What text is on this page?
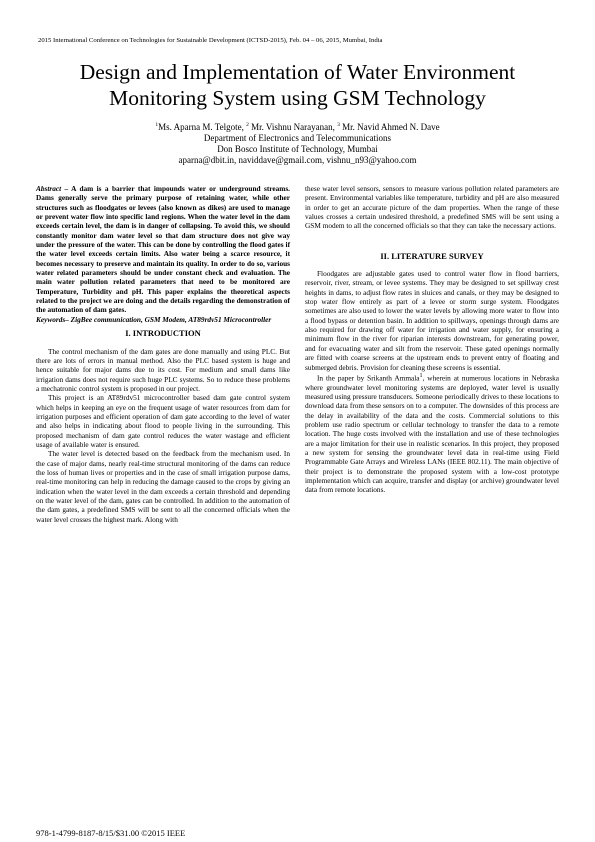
2015 International Conference on Technologies for Sustainable Development (ICTSD-2015), Feb. 04 – 06, 2015, Mumbai, India
Design and Implementation of Water Environment
Monitoring System using GSM Technology
$^1$Ms. Aparna M. Telgote, $^2$ Mr. Vishnu Narayanan, $^3$ Mr. Navid Ahmed N. Dave
Department of Electronics and Telecommunications
Don Bosco Institute of Technology, Mumbai
aparna@dbit.in, naviddave@gmail.com, vishnu_n93@yahoo.com

Abstract – A dam is a barrier that impounds water or underground streams. Dams generally serve the primary purpose of retaining water, while other structures such as floodgates or levees (also known as dikes) are used to manage or prevent water flow into specific land regions. When the water level in the dam exceeds certain level, the dam is in danger of collapsing. To avoid this, we should constantly monitor dam water level so that dam structure does not give way under the pressure of the water. This can be done by controlling the flood gates if the water level exceeds certain limits. Also water being a scarce resource, it becomes necessary to preserve and maintain its quality. In order to do so, various water related parameters should be under constant check and evaluation. The main water pollution related parameters that need to be monitored are Temperature, Turbidity and pH. This paper explains the theoretical aspects related to the project we are doing and the details regarding the demonstration of the automation of dam gates.

Keywords– ZigBee communication, GSM Modem, AT89rdv51 Microcontroller

I. INTRODUCTION

The control mechanism of the dam gates are done manually and using PLC. But there are lots of errors in manual method. Also the PLC based system is huge and hence suitable for major dams due to its cost. For medium and small dams like irrigation dams does not require such huge PLC systems. So to reduce these problems a mechatronic control system is proposed in our project.

This project is an AT89rdv51 microcontroller based dam gate control system which helps in keeping an eye on the frequent usage of water resources from dam for irrigation purposes and efficient operation of dam gate according to the level of water and also helps in indicating about flood to people living in the surrounding. This proposed mechanism of dam gate control reduces the water wastage and efficient usage of available water is ensured.

The water level is detected based on the feedback from the mechanism used. In the case of major dams, nearly real-time structural monitoring of the dams can reduce the loss of human lives or properties and in the case of small irrigation purpose dams, real-time monitoring can help in reducing the damage caused to the crops by giving an indication when the water level in the dam exceeds a certain threshold and depending on the water level of the dam, gates can be controlled. In addition to the automation of the dam gates, a predefined SMS will be sent to all the concerned officials when the water level crosses the highest mark. Along with

these water level sensors, sensors to measure various pollution related parameters are present. Environmental variables like temperature, turbidity and pH are also measured in order to get an accurate picture of the dam properties. When the range of these values crosses a certain undesired threshold, a predefined SMS will be sent using a GSM modem to all the concerned officials so that they can take the necessary actions.

II. LITERATURE SURVEY

Floodgates are adjustable gates used to control water flow in flood barriers, reservoir, river, stream, or levee systems. They may be designed to set spillway crest heights in dams, to adjust flow rates in sluices and canals, or they may be designed to stop water flow entirely as part of a levee or storm surge system. Floodgates sometimes are also used to lower the water levels by allowing more water to flow into a flood bypass or detention basin. In addition to spillways, openings through dams are also required for drawing off water for irrigation and water supply, for ensuring a minimum flow in the river for riparian interests downstream, for generating power, and for evacuating water and silt from the reservoir. These gated openings normally are fitted with coarse screens at the upstream ends to prevent entry of floating and submerged debris. Provision for cleaning these screens is essential.

In the paper by Srikanth Ammala$^1$, wherein at numerous locations in Nebraska where groundwater level monitoring systems are deployed, water level is usually measured using pressure transducers. Someone periodically drives to these locations to download data from these sensors on to a computer. The downsides of this process are the delay in availability of the data and the costs. Commercial solutions to this problem use radio spectrum or cellular technology to transfer the data to a remote location. The huge costs involved with the installation and use of these technologies are a major limitation for their use in realistic scenarios. In this project, they proposed a new system for sensing the groundwater level data in real-time using Field Programmable Gate Arrays and Wireless LANs (IEEE 802.11). The main objective of their project is to demonstrate the proposed system with a low-cost prototype implementation which can acquire, transfer and display (or archive) groundwater level data from remote locations.

978-1-4799-8187-8/15/$31.00 ©2015 IEEE
